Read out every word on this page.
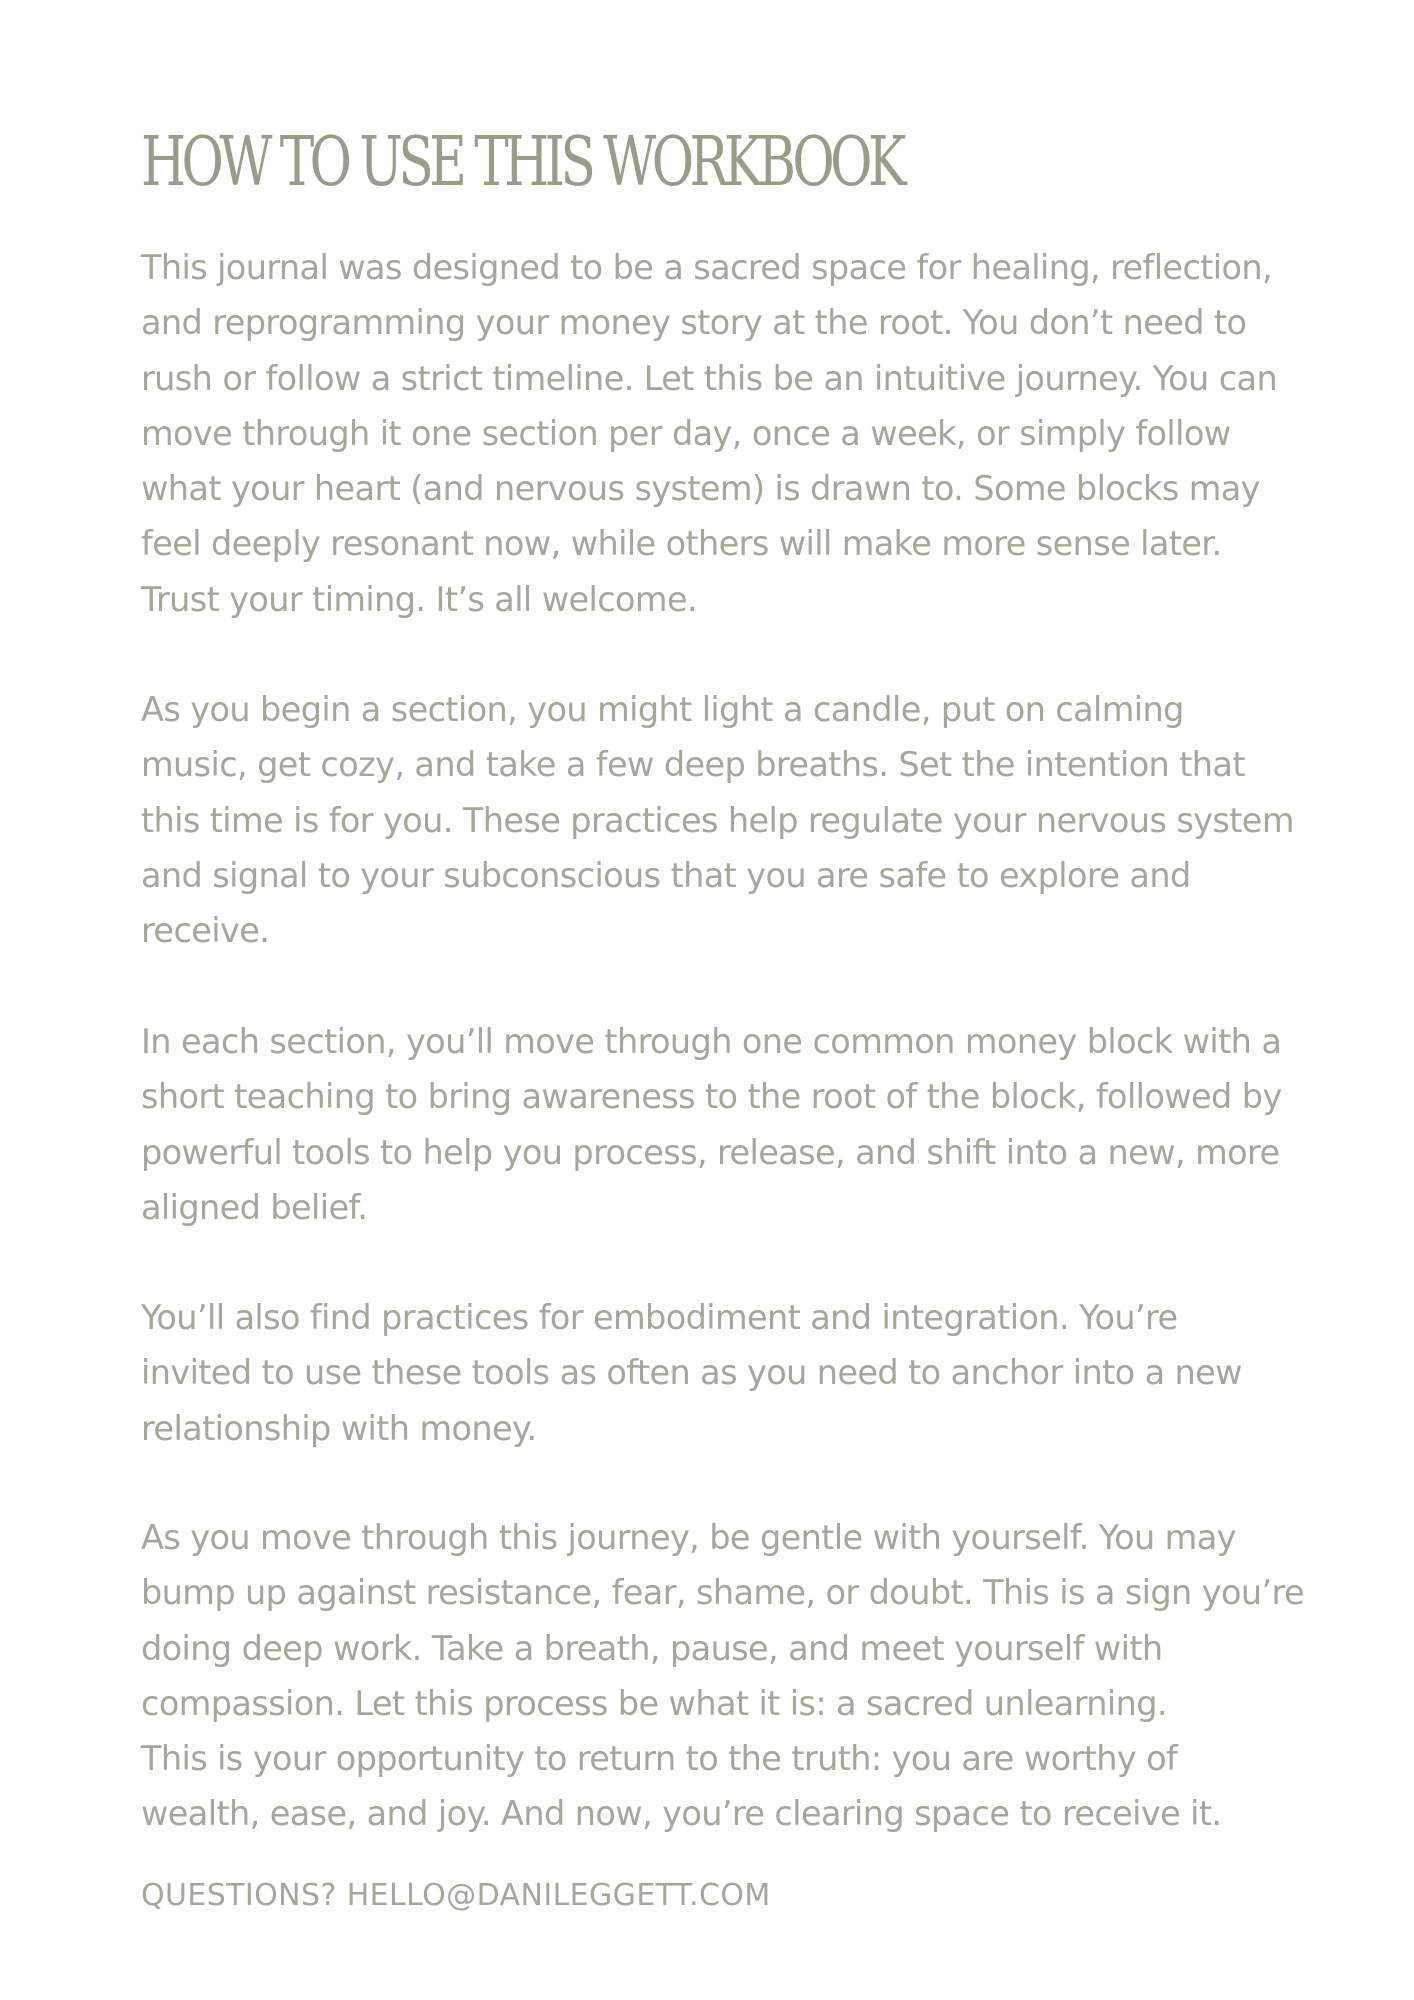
HOW TO USE THIS WORKBOOK

This journal was designed to be a sacred space for healing, reflection,
and reprogramming your money story at the root. You don’t need to
rush or follow a strict timeline. Let this be an intuitive journey. You can
move through it one section per day, once a week, or simply follow
what your heart (and nervous system) is drawn to. Some blocks may
feel deeply resonant now, while others will make more sense later.
Trust your timing. It’s all welcome.

As you begin a section, you might light a candle, put on calming
music, get cozy, and take a few deep breaths. Set the intention that
this time is for you. These practices help regulate your nervous system
and signal to your subconscious that you are safe to explore and
receive.

In each section, you’ll move through one common money block with a
short teaching to bring awareness to the root of the block, followed by
powerful tools to help you process, release, and shift into a new, more
aligned belief.

You’ll also find practices for embodiment and integration. You’re
invited to use these tools as often as you need to anchor into a new
relationship with money.

As you move through this journey, be gentle with yourself. You may
bump up against resistance, fear, shame, or doubt. This is a sign you’re
doing deep work. Take a breath, pause, and meet yourself with
compassion. Let this process be what it is: a sacred unlearning.
This is your opportunity to return to the truth: you are worthy of
wealth, ease, and joy. And now, you’re clearing space to receive it.

QUESTIONS? HELLO@DANILEGGETT.COM
